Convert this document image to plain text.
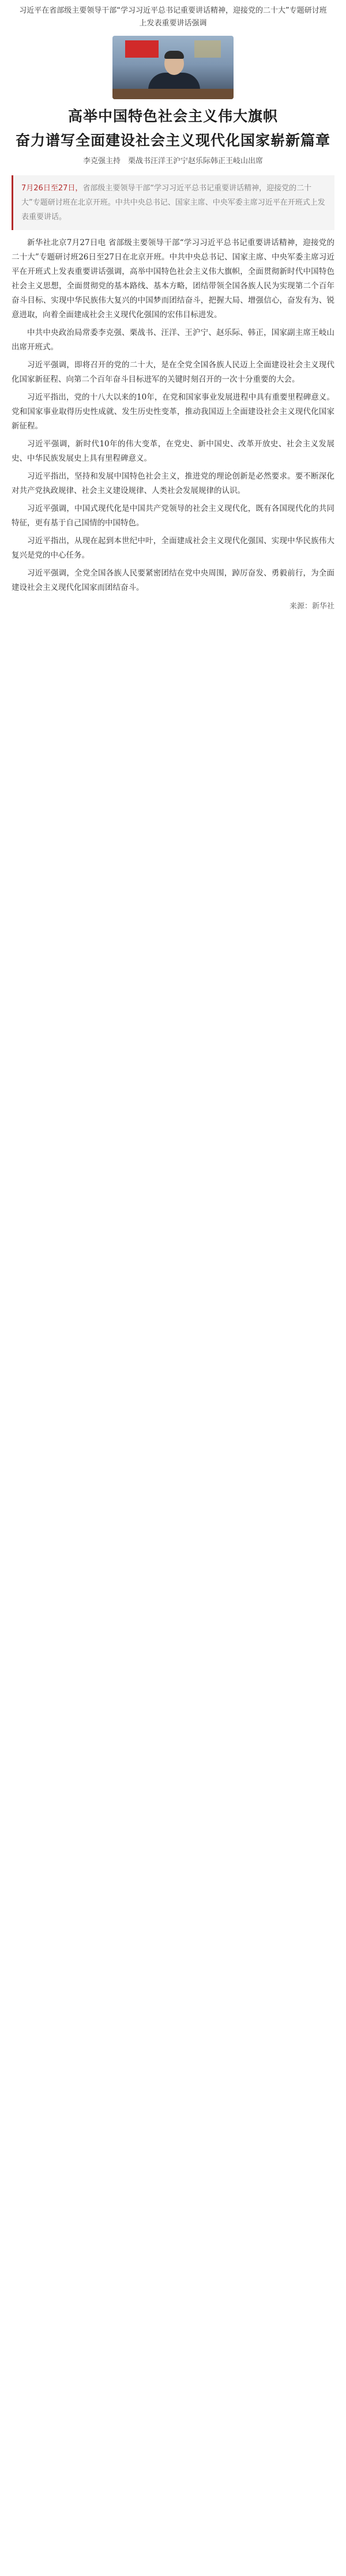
习近平在省部级主要领导干部“学习习近平总书记重要讲话精神，迎接党的二十大”专题研讨班上发表重要讲话强调
高举中国特色社会主义伟大旗帜
奋力谱写全面建设社会主义现代化国家崭新篇章
李克强主持　栗战书汪洋王沪宁赵乐际韩正王岐山出席
7月26日至27日，省部级主要领导干部“学习习近平总书记重要讲话精神，迎接党的二十大”专题研讨班在北京开班。中共中央总书记、国家主席、中央军委主席习近平在开班式上发表重要讲话。

新华社北京7月27日电 省部级主要领导干部“学习习近平总书记重要讲话精神，迎接党的二十大”专题研讨班26日至27日在北京开班。中共中央总书记、国家主席、中央军委主席习近平在开班式上发表重要讲话强调，高举中国特色社会主义伟大旗帜，全面贯彻新时代中国特色社会主义思想，全面贯彻党的基本路线、基本方略，团结带领全国各族人民为实现第二个百年奋斗目标、实现中华民族伟大复兴的中国梦而团结奋斗，把握大局、增强信心，奋发有为、锐意进取，向着全面建成社会主义现代化强国的宏伟目标进发。

中共中央政治局常委李克强、栗战书、汪洋、王沪宁、赵乐际、韩正，国家副主席王岐山出席开班式。

习近平强调，即将召开的党的二十大，是在全党全国各族人民迈上全面建设社会主义现代化国家新征程、向第二个百年奋斗目标进军的关键时刻召开的一次十分重要的大会。

习近平指出，党的十八大以来的10年，在党和国家事业发展进程中具有重要里程碑意义。党和国家事业取得历史性成就、发生历史性变革，推动我国迈上全面建设社会主义现代化国家新征程。

习近平强调，新时代10年的伟大变革，在党史、新中国史、改革开放史、社会主义发展史、中华民族发展史上具有里程碑意义。

习近平指出，坚持和发展中国特色社会主义，推进党的理论创新是必然要求。要不断深化对共产党执政规律、社会主义建设规律、人类社会发展规律的认识。

习近平强调，中国式现代化是中国共产党领导的社会主义现代化，既有各国现代化的共同特征，更有基于自己国情的中国特色。

习近平指出，从现在起到本世纪中叶，全面建成社会主义现代化强国、实现中华民族伟大复兴是党的中心任务。

习近平强调，全党全国各族人民要紧密团结在党中央周围，踔厉奋发、勇毅前行，为全面建设社会主义现代化国家而团结奋斗。

来源：新华社
